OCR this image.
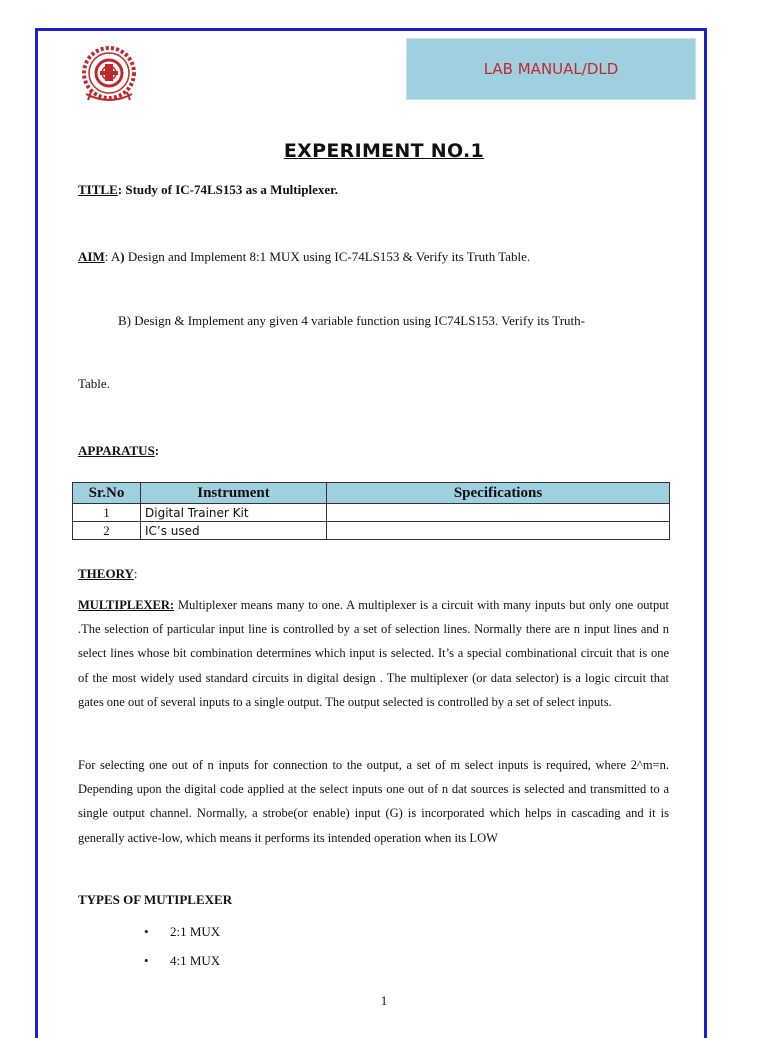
LAB MANUAL/DLD
EXPERIMENT NO.1
TITLE: Study of IC-74LS153 as a Multiplexer.
AIM: A) Design and Implement 8:1 MUX using IC-74LS153 & Verify its Truth Table.
B) Design & Implement any given 4 variable function using IC74LS153. Verify its Truth-
Table.
APPARATUS:
Sr.No	Instrument	Specifications
1	Digital Trainer Kit	
2	IC’s used	
THEORY:

MULTIPLEXER: Multiplexer means many to one. A multiplexer is a circuit with many inputs but only one output .The selection of particular input line is controlled by a set of selection lines. Normally there are n input lines and n select lines whose bit combination determines which input is selected. It’s a special combinational circuit that is one of the most widely used standard circuits in digital design . The multiplexer (or data selector) is a logic circuit that gates one out of several inputs to a single output. The output selected is controlled by a set of select inputs.

For selecting one out of n inputs for connection to the output, a set of m select inputs is required, where 2^m=n. Depending upon the digital code applied at the select inputs one out of n dat sources is selected and transmitted to a single output channel. Normally, a strobe(or enable) input (G) is incorporated which helps in cascading and it is generally active-low, which means it performs its intended operation when its LOW

TYPES OF MUTIPLEXER
• 2:1 MUX
• 4:1 MUX
1
